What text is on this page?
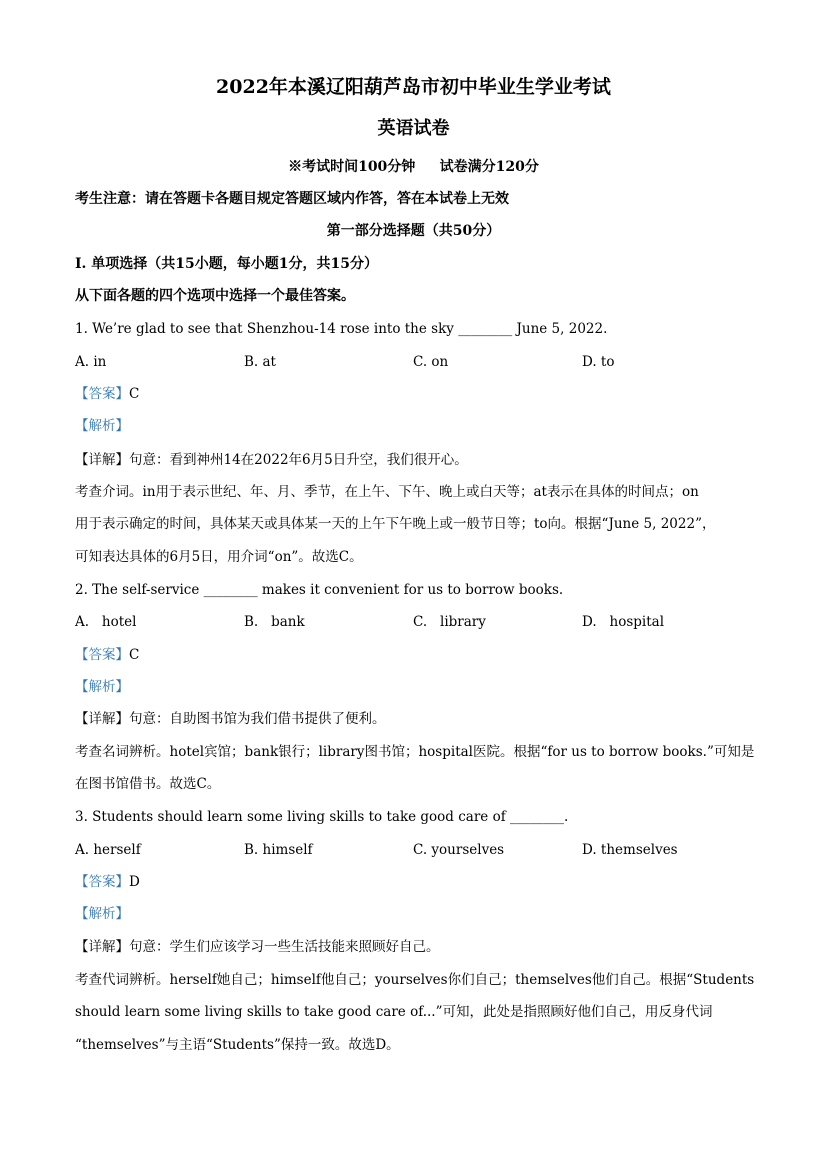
2022年本溪辽阳葫芦岛市初中毕业生学业考试
英语试卷
※考试时间100分钟     试卷满分120分
考生注意：请在答题卡各题目规定答题区域内作答，答在本试卷上无效
第一部分选择题（共50分）
I. 单项选择（共15小题，每小题1分，共15分）
从下面各题的四个选项中选择一个最佳答案。
1. We’re glad to see that Shenzhou-14 rose into the sky ________ June 5, 2022.
A. in	B. at	C. on	D. to
【答案】C
【解析】
【详解】句意：看到神州14在2022年6月5日升空，我们很开心。
考查介词。in用于表示世纪、年、月、季节，在上午、下午、晚上或白天等；at表示在具体的时间点；on
用于表示确定的时间，具体某天或具体某一天的上午下午晚上或一般节日等；to向。根据“June 5, 2022”，
可知表达具体的6月5日，用介词“on”。故选C。
2. The self-service ________ makes it convenient for us to borrow books.
A.   hotel	B.   bank	C.   library	D.   hospital
【答案】C
【解析】
【详解】句意：自助图书馆为我们借书提供了便利。
考查名词辨析。hotel宾馆；bank银行；library图书馆；hospital医院。根据“for us to borrow books.”可知是
在图书馆借书。故选C。
3. Students should learn some living skills to take good care of ________.
A. herself	B. himself	C. yourselves	D. themselves
【答案】D
【解析】
【详解】句意：学生们应该学习一些生活技能来照顾好自己。
考查代词辨析。herself她自己；himself他自己；yourselves你们自己；themselves他们自己。根据“Students
should learn some living skills to take good care of...”可知，此处是指照顾好他们自己，用反身代词
“themselves”与主语“Students”保持一致。故选D。
